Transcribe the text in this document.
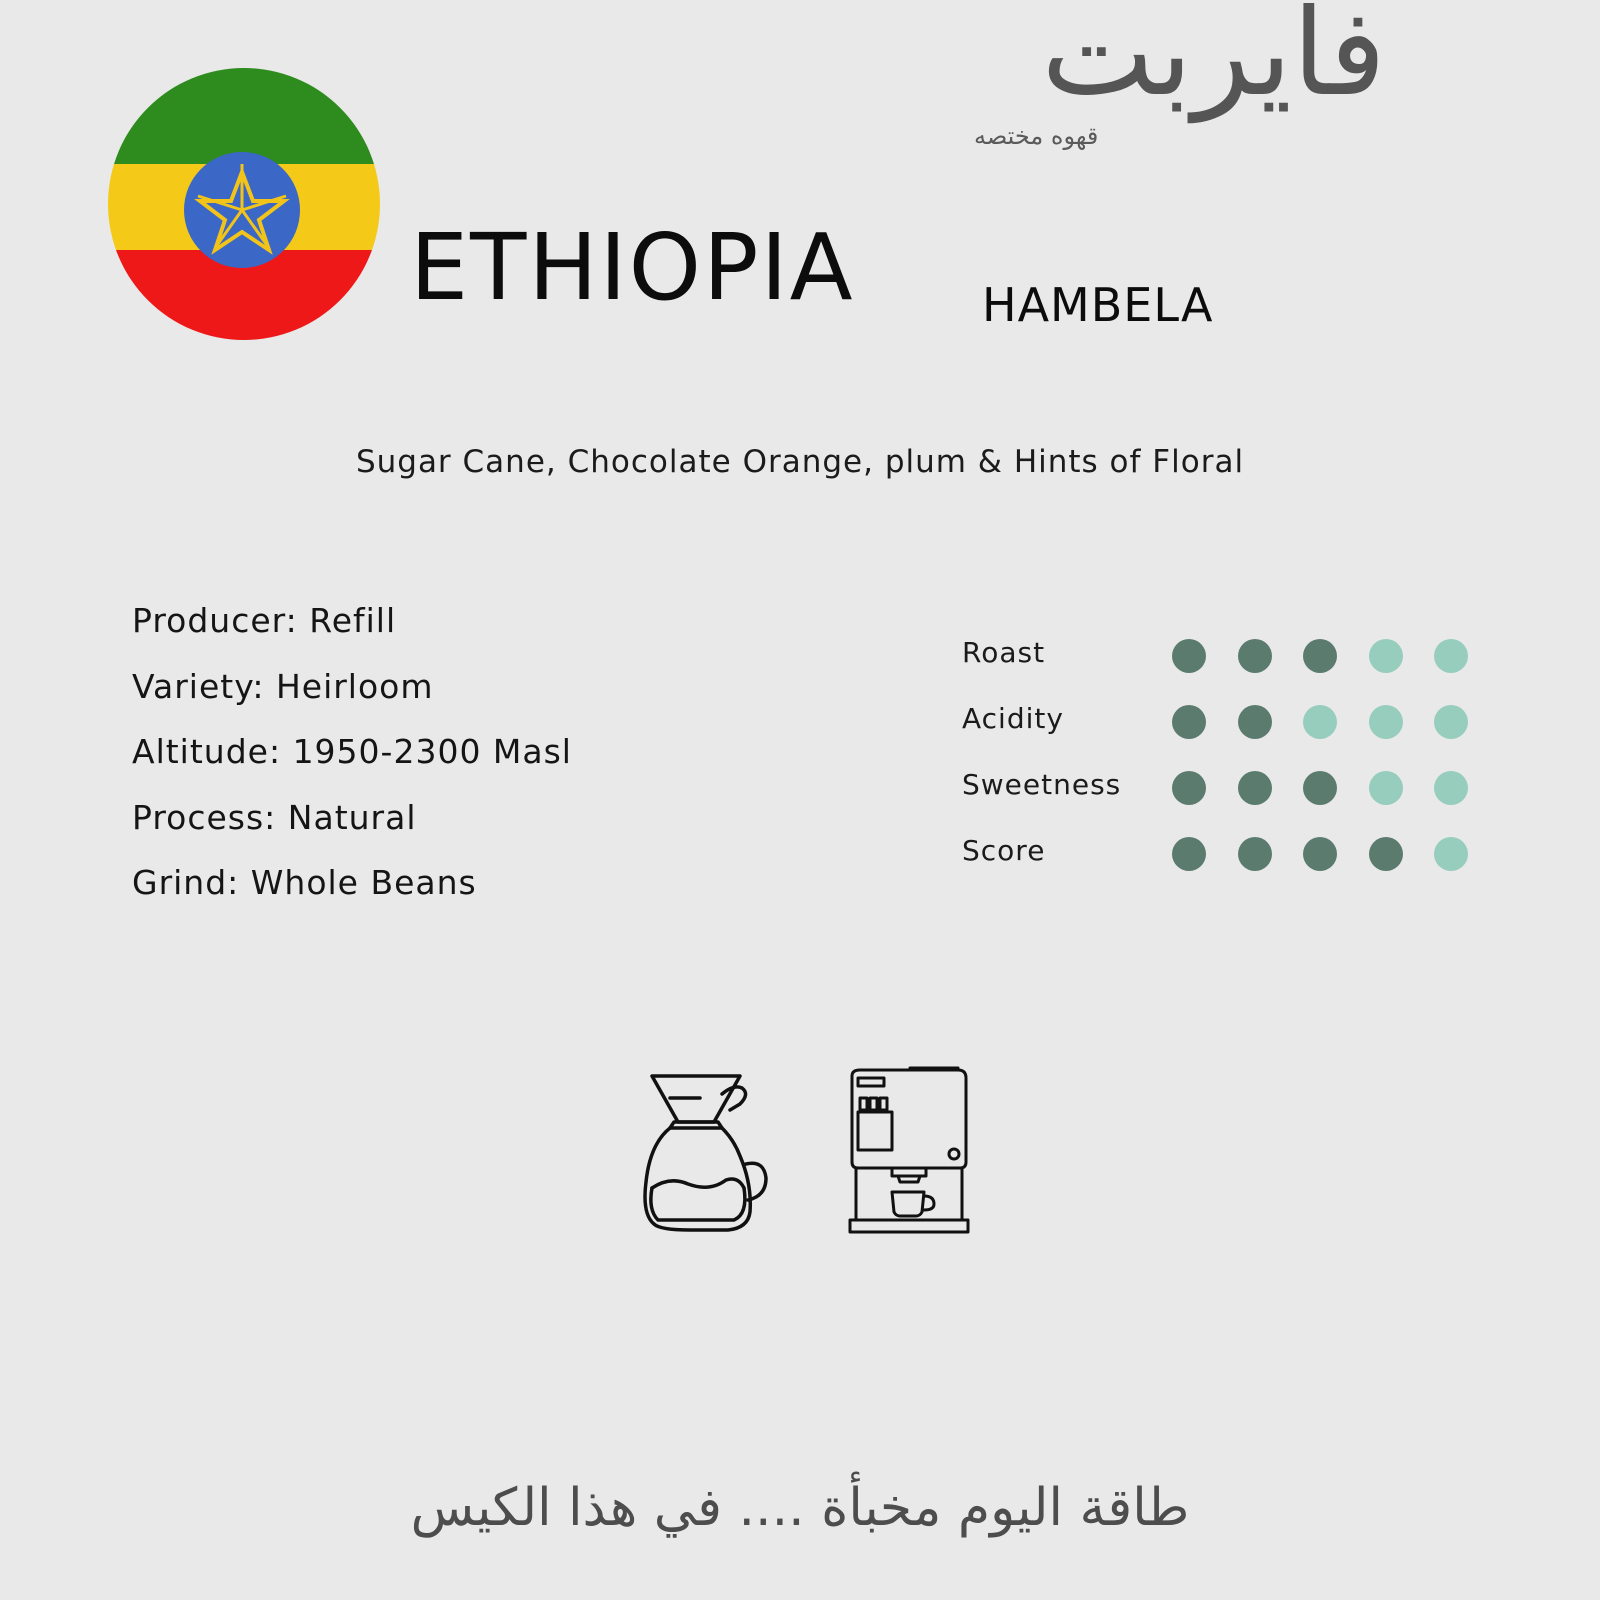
فايربت
قهوه مختصه
ETHIOPIA	HAMBELA
Sugar Cane, Chocolate Orange, plum & Hints of Floral
Producer: Refill
Variety: Heirloom
Altitude: 1950-2300 Masl
Process: Natural
Grind: Whole Beans
Roast
Acidity
Sweetness
Score
طاقة اليوم مخبأة .... في هذا الكيس
